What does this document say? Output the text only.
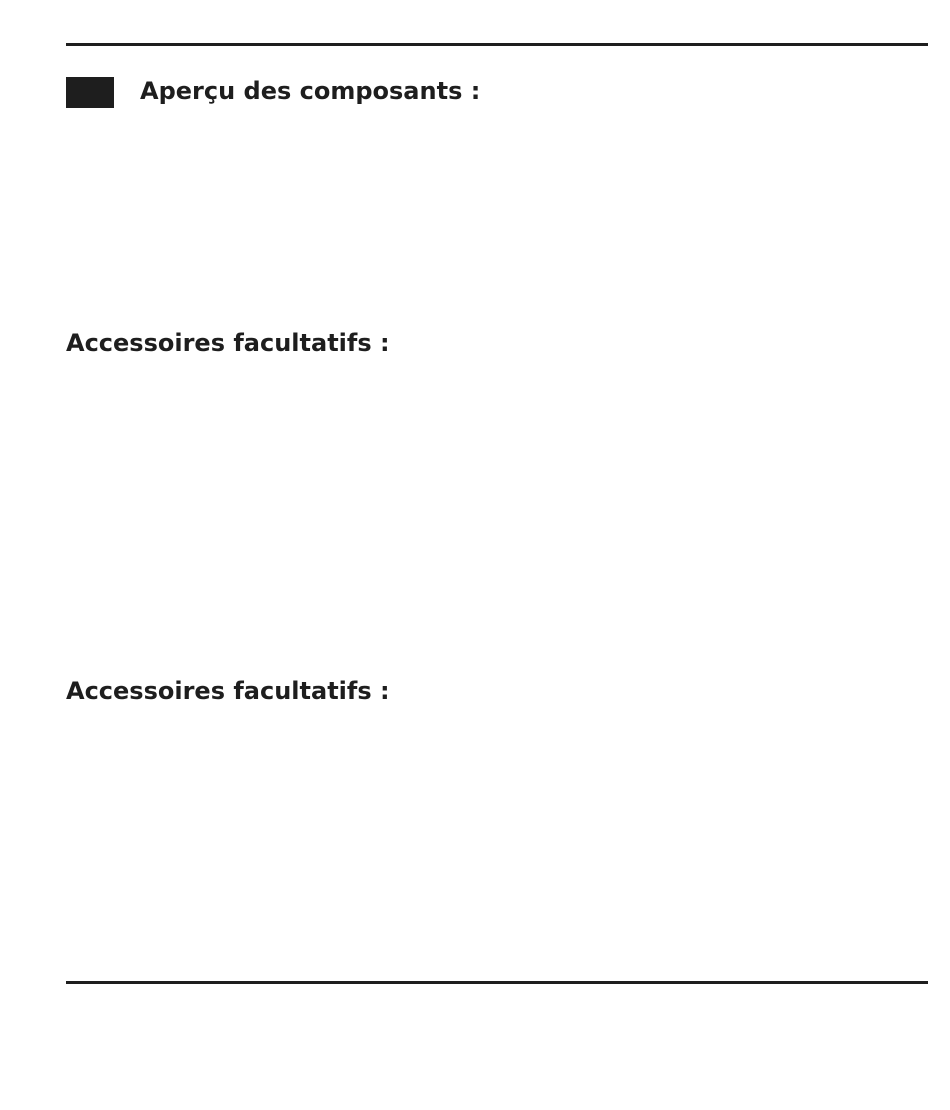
Aperçu des composants :
Accessoires facultatifs :
Accessoires facultatifs :
